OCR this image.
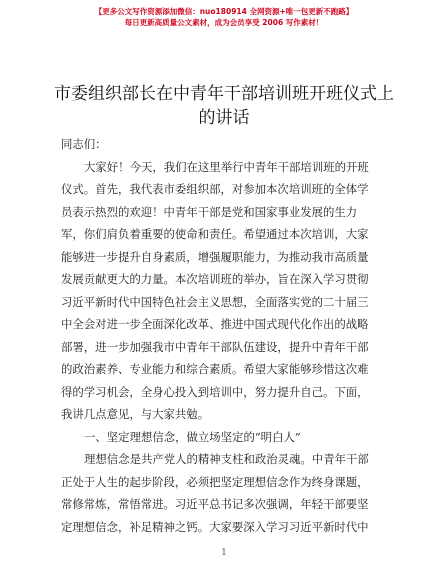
【更多公文写作资源添加微信：nuo180914 全网资源+唯一包更新不跑路】
每日更新高质量公文素材，成为会员享受 2006 写作素材！
市委组织部长在中青年干部培训班开班仪式上
的讲话

同志们：

大家好！今天，我们在这里举行中青年干部培训班的开班
仪式。首先，我代表市委组织部，对参加本次培训班的全体学
员表示热烈的欢迎！中青年干部是党和国家事业发展的生力
军，你们肩负着重要的使命和责任。希望通过本次培训，大家
能够进一步提升自身素质，增强履职能力，为推动我市高质量
发展贡献更大的力量。本次培训班的举办，旨在深入学习贯彻
习近平新时代中国特色社会主义思想，全面落实党的二十届三
中全会对进一步全面深化改革、推进中国式现代化作出的战略
部署，进一步加强我市中青年干部队伍建设，提升中青年干部
的政治素养、专业能力和综合素质。希望大家能够珍惜这次难
得的学习机会，全身心投入到培训中，努力提升自己。下面，
我讲几点意见，与大家共勉。
一、坚定理想信念，做立场坚定的“明白人”
理想信念是共产党人的精神支柱和政治灵魂。中青年干部
正处于人生的起步阶段，必须把坚定理想信念作为终身课题，
常修常炼，常悟常进。习近平总书记多次强调，年轻干部要坚
定理想信念，补足精神之钙。大家要深入学习习近平新时代中
1
